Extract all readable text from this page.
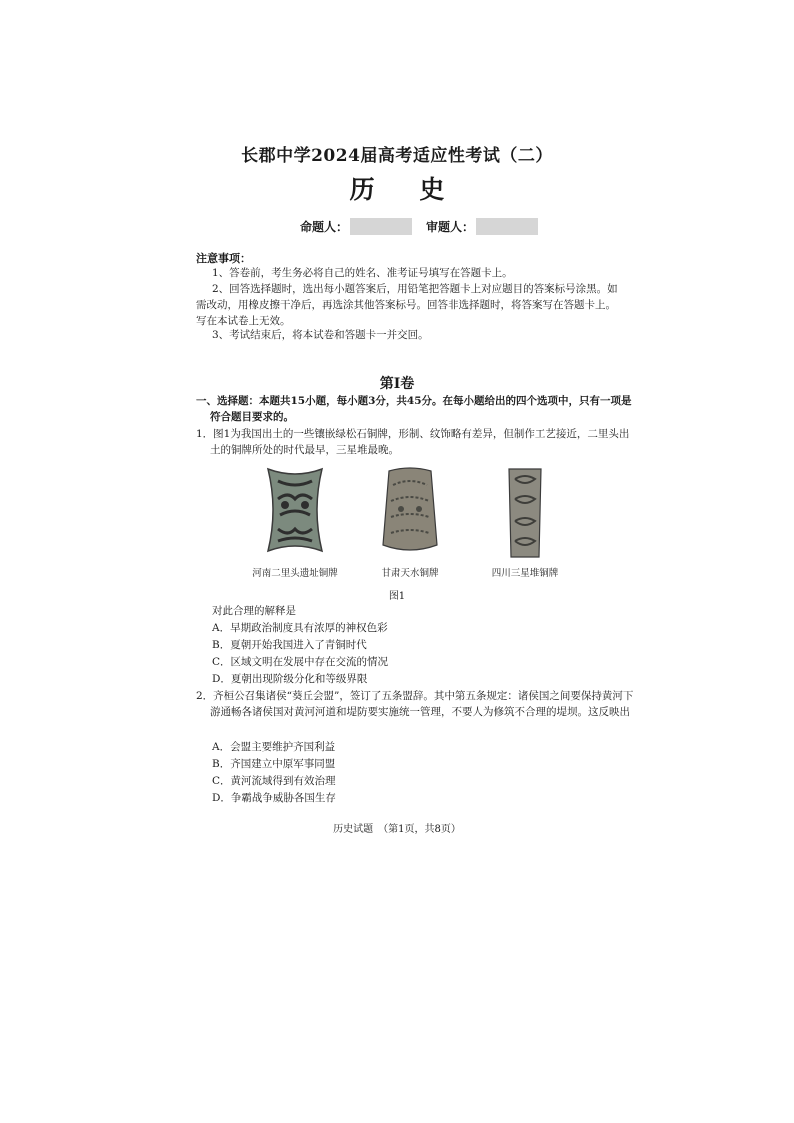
长郡中学2024届高考适应性考试（二）
历 史
命题人：	审题人：
注意事项：
1、答卷前，考生务必将自己的姓名、准考证号填写在答题卡上。
2、回答选择题时，选出每小题答案后，用铅笔把答题卡上对应题目的答案标号涂黑。如需改动，用橡皮擦干净后，再选涂其他答案标号。回答非选择题时，将答案写在答题卡上。写在本试卷上无效。
3、考试结束后，将本试卷和答题卡一并交回。
第Ⅰ卷
一、选择题：本题共15小题，每小题3分，共45分。在每小题给出的四个选项中，只有一项是符合题目要求的。
1．图1为我国出土的一些镶嵌绿松石铜牌，形制、纹饰略有差异，但制作工艺接近，二里头出土的铜牌所处的时代最早，三星堆最晚。
河南二里头遗址铜牌	甘肃天水铜牌	四川三星堆铜牌
图1
对此合理的解释是
A．早期政治制度具有浓厚的神权色彩
B．夏朝开始我国进入了青铜时代
C．区域文明在发展中存在交流的情况
D．夏朝出现阶级分化和等级界限
2．齐桓公召集诸侯“葵丘会盟”，签订了五条盟辞。其中第五条规定：诸侯国之间要保持黄河下游通畅各诸侯国对黄河河道和堤防要实施统一管理，不要人为修筑不合理的堤坝。这反映出
A．会盟主要维护齐国利益
B．齐国建立中原军事同盟
C．黄河流域得到有效治理
D．争霸战争威胁各国生存
历史试题　（第1页，共8页）
